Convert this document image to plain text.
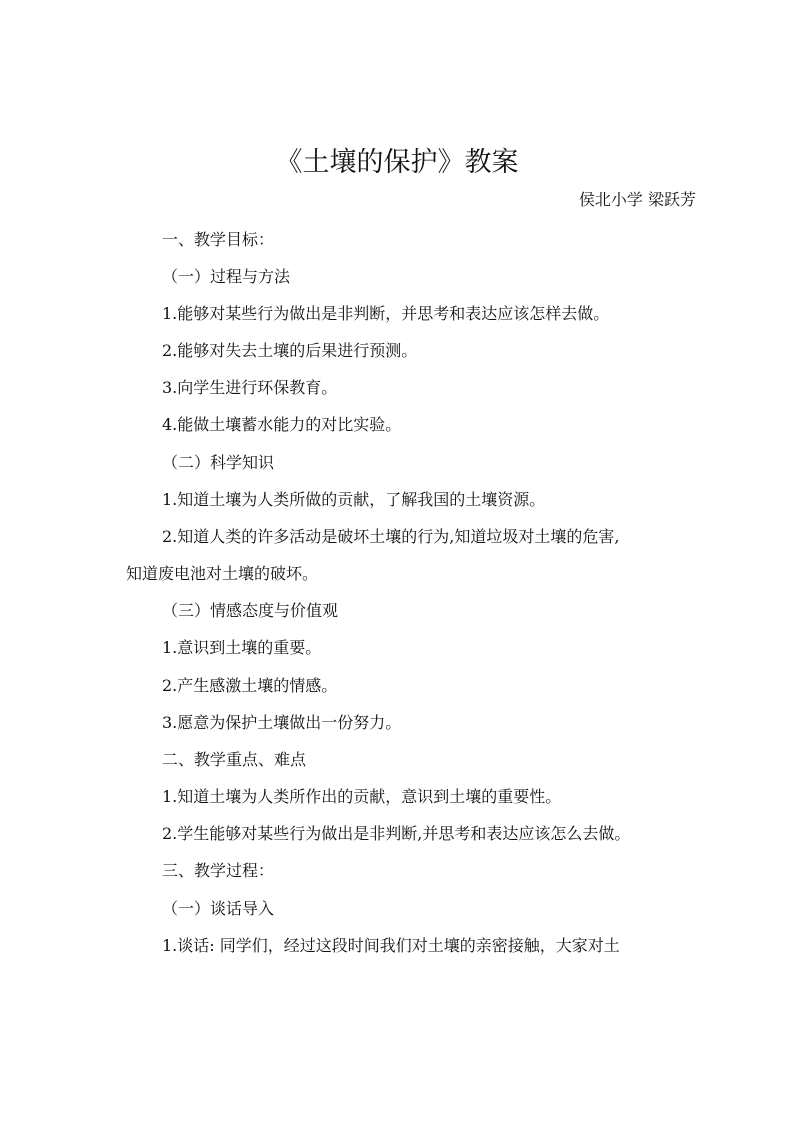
《土壤的保护》教案
侯北小学 梁跃芳
一、教学目标：
（一）过程与方法
1.能够对某些行为做出是非判断，并思考和表达应该怎样去做。
2.能够对失去土壤的后果进行预测。
3.向学生进行环保教育。
4.能做土壤蓄水能力的对比实验。
（二）科学知识
1.知道土壤为人类所做的贡献，了解我国的土壤资源。
2.知道人类的许多活动是破坏土壤的行为,知道垃圾对土壤的危害,
知道废电池对土壤的破坏。
（三）情感态度与价值观
1.意识到土壤的重要。
2.产生感激土壤的情感。
3.愿意为保护土壤做出一份努力。
二、教学重点、难点
1.知道土壤为人类所作出的贡献，意识到土壤的重要性。
2.学生能够对某些行为做出是非判断,并思考和表达应该怎么去做。
三、教学过程：
（一）谈话导入
1.谈话: 同学们，经过这段时间我们对土壤的亲密接触，大家对土
